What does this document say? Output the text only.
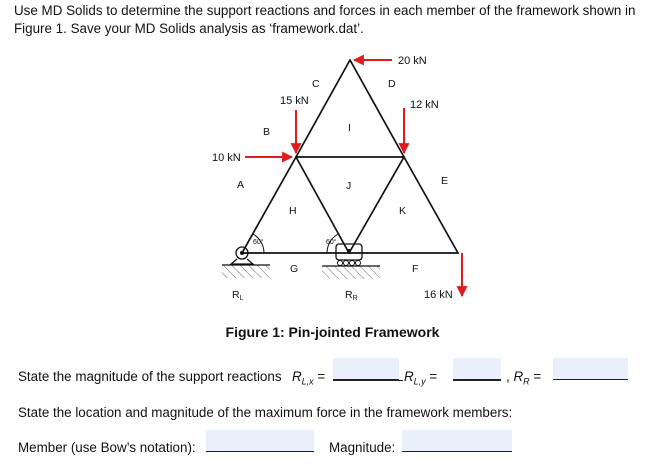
Use MD Solids to determine the support reactions and forces in each member of the framework shown in
Figure 1. Save your MD Solids analysis as ‘framework.dat’.
20 kN
15 kN	12 kN
10 kN
16 kN
A
B
C	D
E
F
G
H
I
J
K
60°	60°
RL	RR
Figure 1: Pin-jointed Framework
State the magnitude of the support reactions $R_{L,x}$ =	$R_{L,y}$ =	, $R_R$ =
State the location and magnitude of the maximum force in the framework members:
Member (use Bow’s notation):	Magnitude:
